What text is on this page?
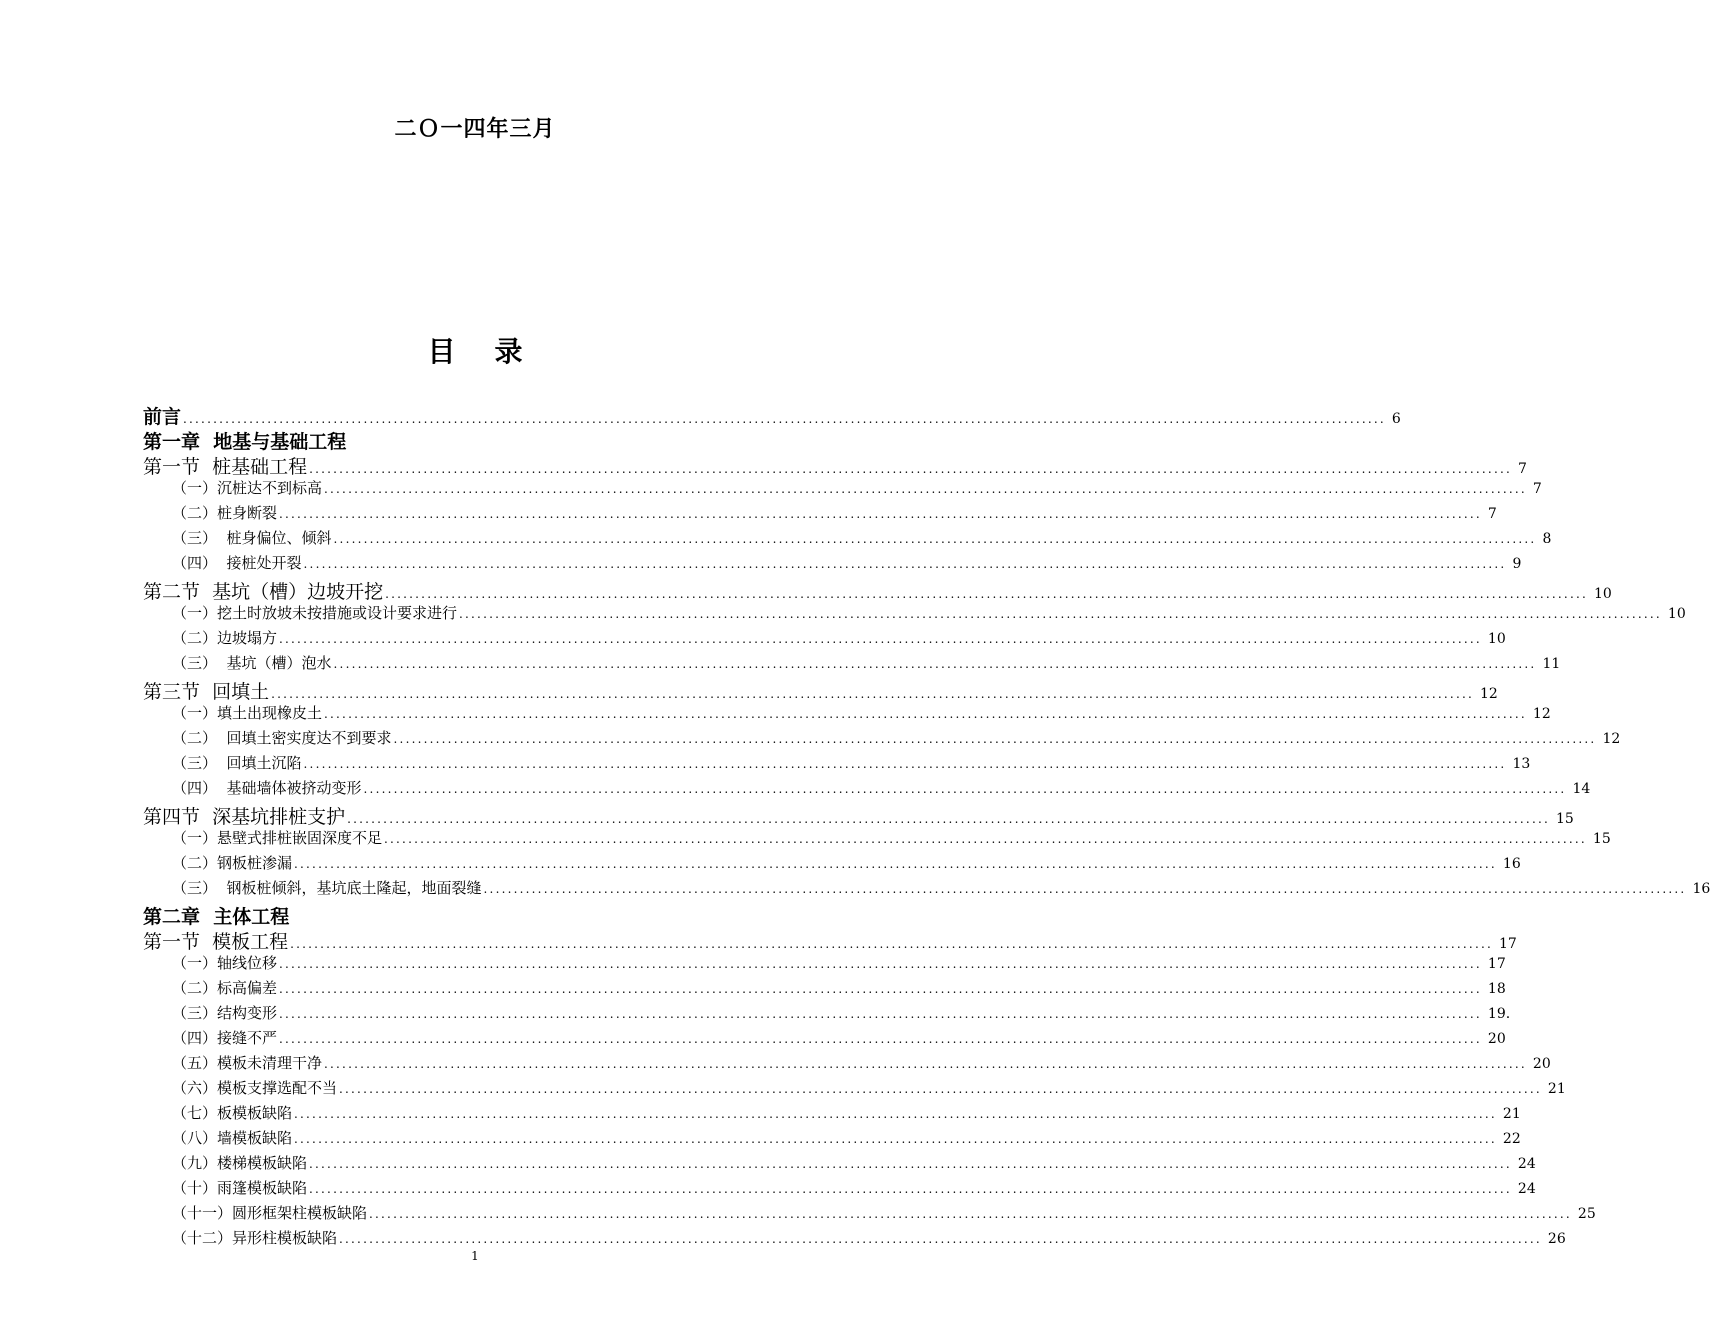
二Ｏ一四年三月
目    录
前言 ........................................................................................................................................................................................................ 6
第一章  地基与基础工程
第一节  桩基础工程 ........................................................................................................................................................................................................ 7
（一）沉桩达不到标高 ........................................................................................................................................................................................................ 7
（二）桩身断裂 ........................................................................................................................................................................................................ 7
（三）  桩身偏位、倾斜 ........................................................................................................................................................................................................ 8
（四）  接桩处开裂 ........................................................................................................................................................................................................ 9
第二节  基坑（槽）边坡开挖 ........................................................................................................................................................................................................ 10
（一）挖土时放坡未按措施或设计要求进行 ........................................................................................................................................................................................................ 10
（二）边坡塌方 ........................................................................................................................................................................................................ 10
（三）  基坑（槽）泡水 ........................................................................................................................................................................................................ 11
第三节  回填土 ........................................................................................................................................................................................................ 12
（一）填土出现橡皮土 ........................................................................................................................................................................................................ 12
（二）  回填土密实度达不到要求 ........................................................................................................................................................................................................ 12
（三）  回填土沉陷 ........................................................................................................................................................................................................ 13
（四）  基础墙体被挤动变形 ........................................................................................................................................................................................................ 14
第四节  深基坑排桩支护 ........................................................................................................................................................................................................ 15
（一）悬壁式排桩嵌固深度不足 ........................................................................................................................................................................................................ 15
（二）钢板桩渗漏 ........................................................................................................................................................................................................ 16
（三）  钢板桩倾斜，基坑底土隆起，地面裂缝 ........................................................................................................................................................................................................ 16
第二章  主体工程
第一节  模板工程 ........................................................................................................................................................................................................ 17
（一）轴线位移 ........................................................................................................................................................................................................ 17
（二）标高偏差 ........................................................................................................................................................................................................ 18
（三）结构变形 ........................................................................................................................................................................................................ 19.
（四）接缝不严 ........................................................................................................................................................................................................ 20
（五）模板未清理干净 ........................................................................................................................................................................................................ 20
（六）模板支撑选配不当 ........................................................................................................................................................................................................ 21
（七）板模板缺陷 ........................................................................................................................................................................................................ 21
（八）墙模板缺陷 ........................................................................................................................................................................................................ 22
（九）楼梯模板缺陷 ........................................................................................................................................................................................................ 24
（十）雨篷模板缺陷 ........................................................................................................................................................................................................ 24
（十一）圆形框架柱模板缺陷 ........................................................................................................................................................................................................ 25
（十二）异形柱模板缺陷 ........................................................................................................................................................................................................ 26
1
